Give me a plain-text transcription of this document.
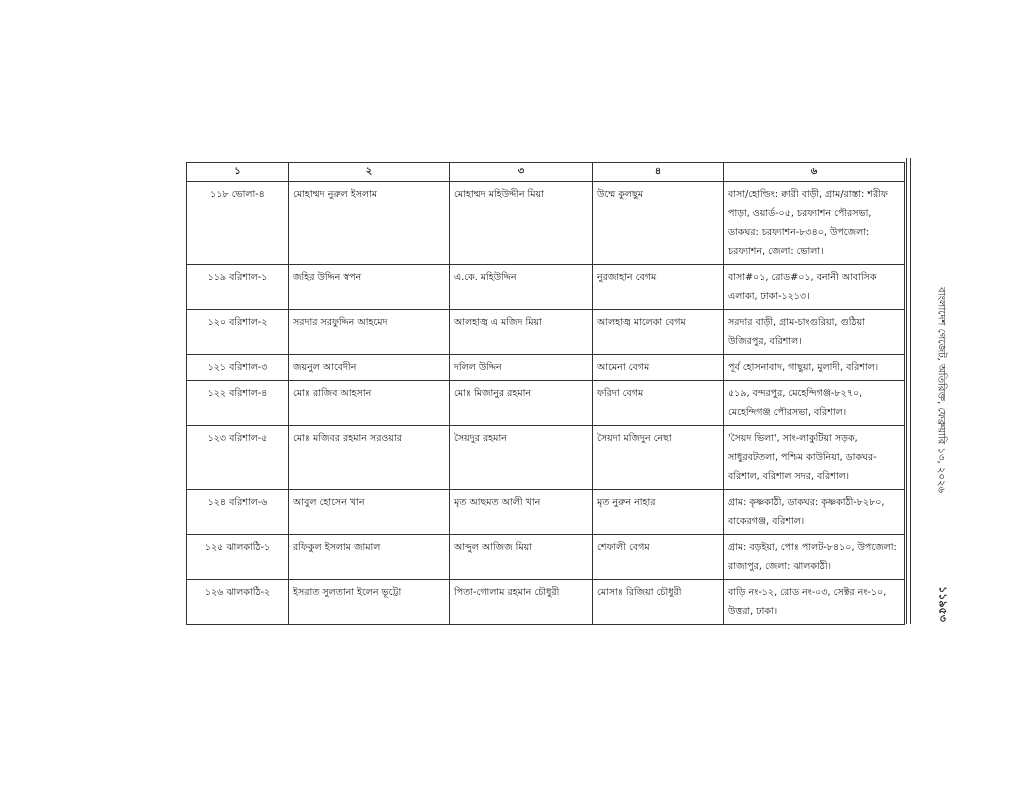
১	২	৩	৪	৬
১১৮ ভোলা-৪	মোহাম্মদ নুরুল ইসলাম	মোহাম্মদ মহিউদ্দীন মিয়া	উম্মে কুলছুম	বাসা/হোল্ডিং: ক্বারী বাড়ী, গ্রাম/রাস্তা: শরীফ পাড়া, ওয়ার্ড-০৫, চরফ্যাশন পৌরসভা, ডাকঘর: চরফ্যাশন-৮৩৪০, উপজেলা: চরফ্যাশন, জেলা: ভোলা।
১১৯ বরিশাল-১	জহির উদ্দিন স্বপন	এ.কে. মহিউদ্দিন	নুরজাহান বেগম	বাসা#০১, রোড#০১, বনানী আবাসিক এলাকা, ঢাকা-১২১৩।
১২০ বরিশাল-২	সরদার সরফুদ্দিন আহমেদ	আলহাজ্ব এ মজিদ মিয়া	আলহাজ্ব মালেকা বেগম	সরদার বাড়ী, গ্রাম-চাংগুরিয়া, গুঠিয়া উজিরপুর, বরিশাল।
১২১ বরিশাল-৩	জয়নুল আবেদীন	দলিল উদ্দিন	আমেনা বেগম	পূর্ব হোসনাবাদ, গাছুয়া, মুলাদী, বরিশাল।
১২২ বরিশাল-৪	মোঃ রাজিব আহসান	মোঃ মিজানুর রহমান	ফরিদা বেগম	৫১৯, বন্দরপুর, মেহেন্দিগঞ্জ-৮২৭০, মেহেন্দিগঞ্জ পৌরসভা, বরিশাল।
১২৩ বরিশাল-৫	মোঃ মজিবর রহমান সরওয়ার	সৈয়দুর রহমান	সৈয়দা মজিদুন নেছা	'সৈয়দ ভিলা', সাং-লাকুটিয়া সড়ক, সাধুরবটতলা, পশ্চিম কাউনিয়া, ডাকঘর-বরিশাল, বরিশাল সদর, বরিশাল।
১২৪ বরিশাল-৬	আবুল হোসেন খান	মৃত আছমত আলী খান	মৃত নুরুন নাহার	গ্রাম: কৃষ্ণকাঠী, ডাকঘর: কৃষ্ণকাঠী-৮২৮০, বাকেরগঞ্জ, বরিশাল।
১২৫ ঝালকাঠি-১	রফিকুল ইসলাম জামাল	আব্দুল আজিজ মিয়া	শেফালী বেগম	গ্রাম: বড়ইয়া, পোঃ পালট-৮৪১০, উপজেলা: রাজাপুর, জেলা: ঝালকাঠী।
১২৬ ঝালকাঠি-২	ইসরাত সুলতানা ইলেন ভূট্টো	পিতা-গোলাম রহমান চৌধুরী	মোসাঃ রিজিয়া চৌধুরী	বাড়ি নং-১২, রোড নং-০৩, সেক্টর নং-১০, উত্তরা, ঢাকা।
বাংলাদেশ গেজেট, অতিরিক্ত, ফেব্রুয়ারি ১৩, ২০২৬
১১৯৫৩
